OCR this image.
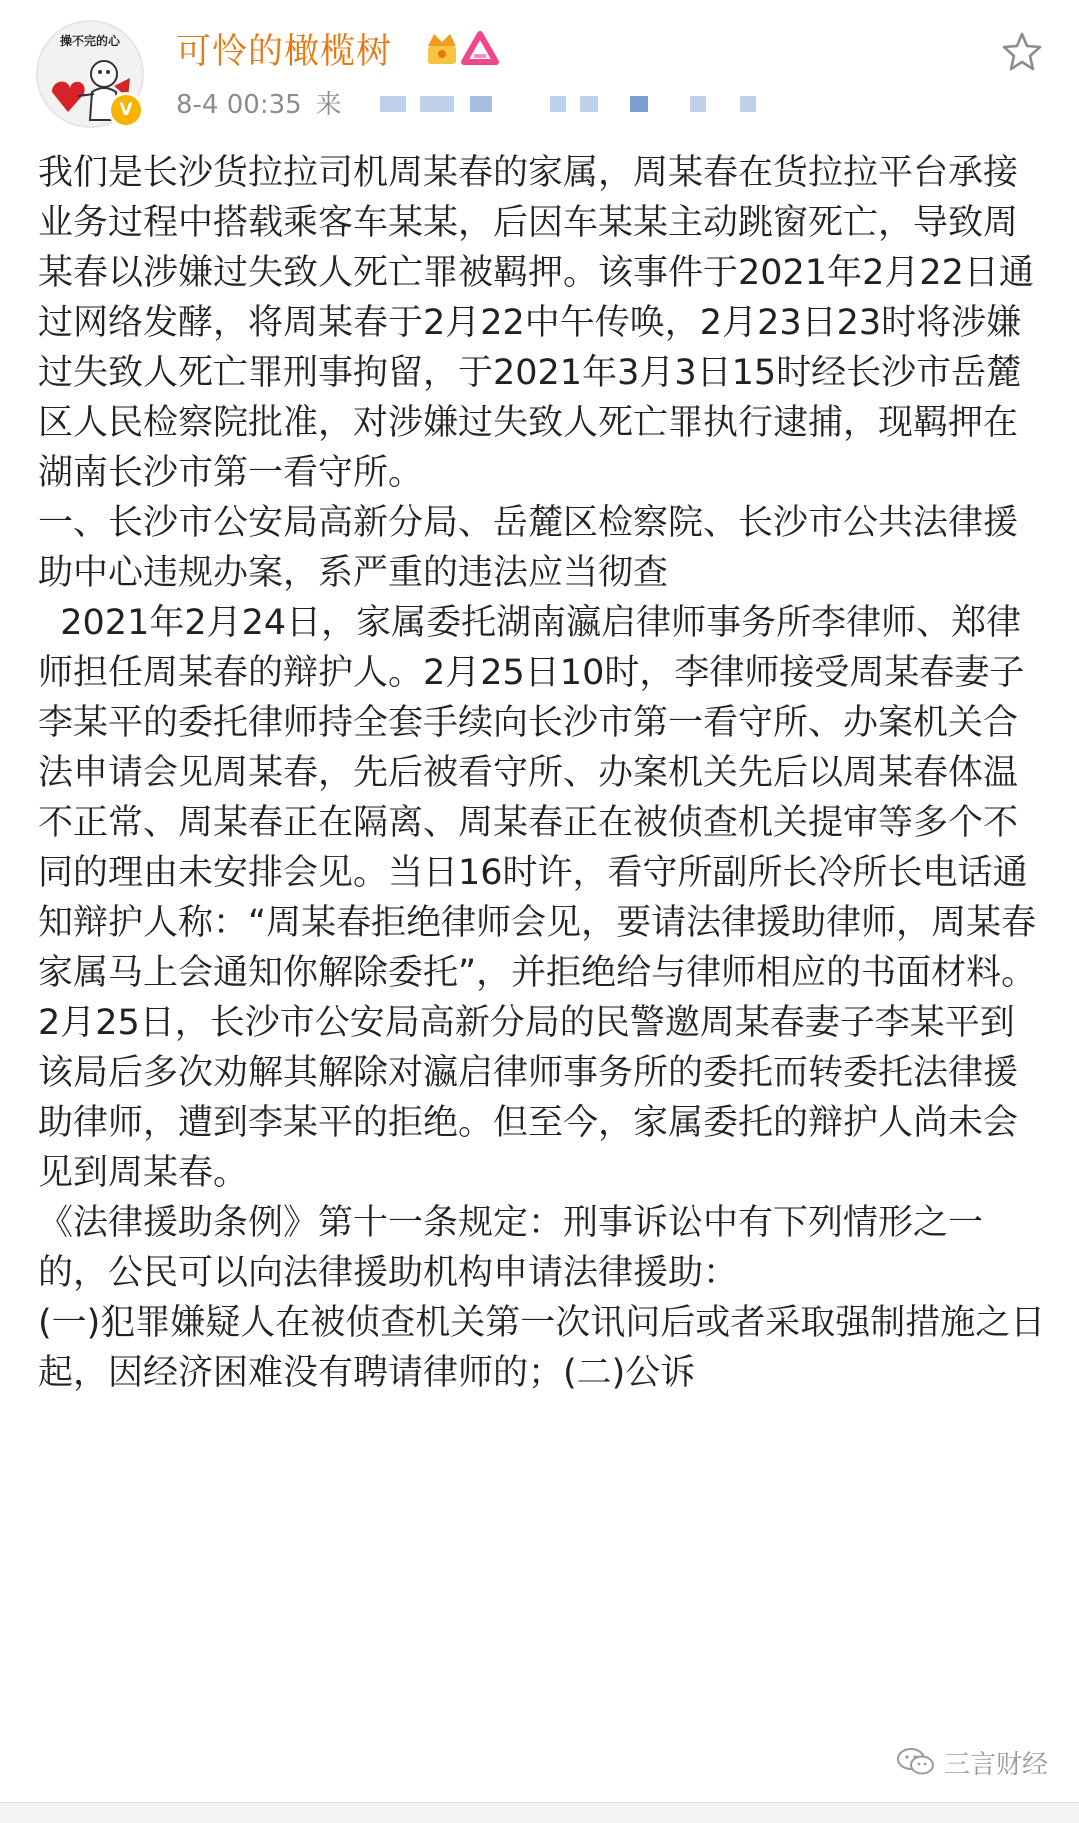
操不完的心
V
可怜的橄榄树
8-4 00:35 来

我们是长沙货拉拉司机周某春的家属，周某春在货拉拉平台承接业务过程中搭载乘客车某某，后因车某某主动跳窗死亡，导致周某春以涉嫌过失致人死亡罪被羁押。该事件于2021年2月22日通过网络发酵，将周某春于2月22中午传唤，2月23日23时将涉嫌过失致人死亡罪刑事拘留，于2021年3月3日15时经长沙市岳麓区人民检察院批准，对涉嫌过失致人死亡罪执行逮捕，现羁押在湖南长沙市第一看守所。

一、长沙市公安局高新分局、岳麓区检察院、长沙市公共法律援助中心违规办案，系严重的违法应当彻查

2021年2月24日，家属委托湖南瀛启律师事务所李律师、郑律师担任周某春的辩护人。2月25日10时，李律师接受周某春妻子李某平的委托律师持全套手续向长沙市第一看守所、办案机关合法申请会见周某春，先后被看守所、办案机关先后以周某春体温不正常、周某春正在隔离、周某春正在被侦查机关提审等多个不同的理由未安排会见。当日16时许，看守所副所长冷所长电话通知辩护人称：“周某春拒绝律师会见，要请法律援助律师，周某春家属马上会通知你解除委托”，并拒绝给与律师相应的书面材料。

2月25日，长沙市公安局高新分局的民警邀周某春妻子李某平到该局后多次劝解其解除对瀛启律师事务所的委托而转委托法律援助律师，遭到李某平的拒绝。但至今，家属委托的辩护人尚未会见到周某春。

《法律援助条例》第十一条规定：刑事诉讼中有下列情形之一的，公民可以向法律援助机构申请法律援助：

(一)犯罪嫌疑人在被侦查机关第一次讯问后或者采取强制措施之日起，因经济困难没有聘请律师的；(二)公诉

三言财经
